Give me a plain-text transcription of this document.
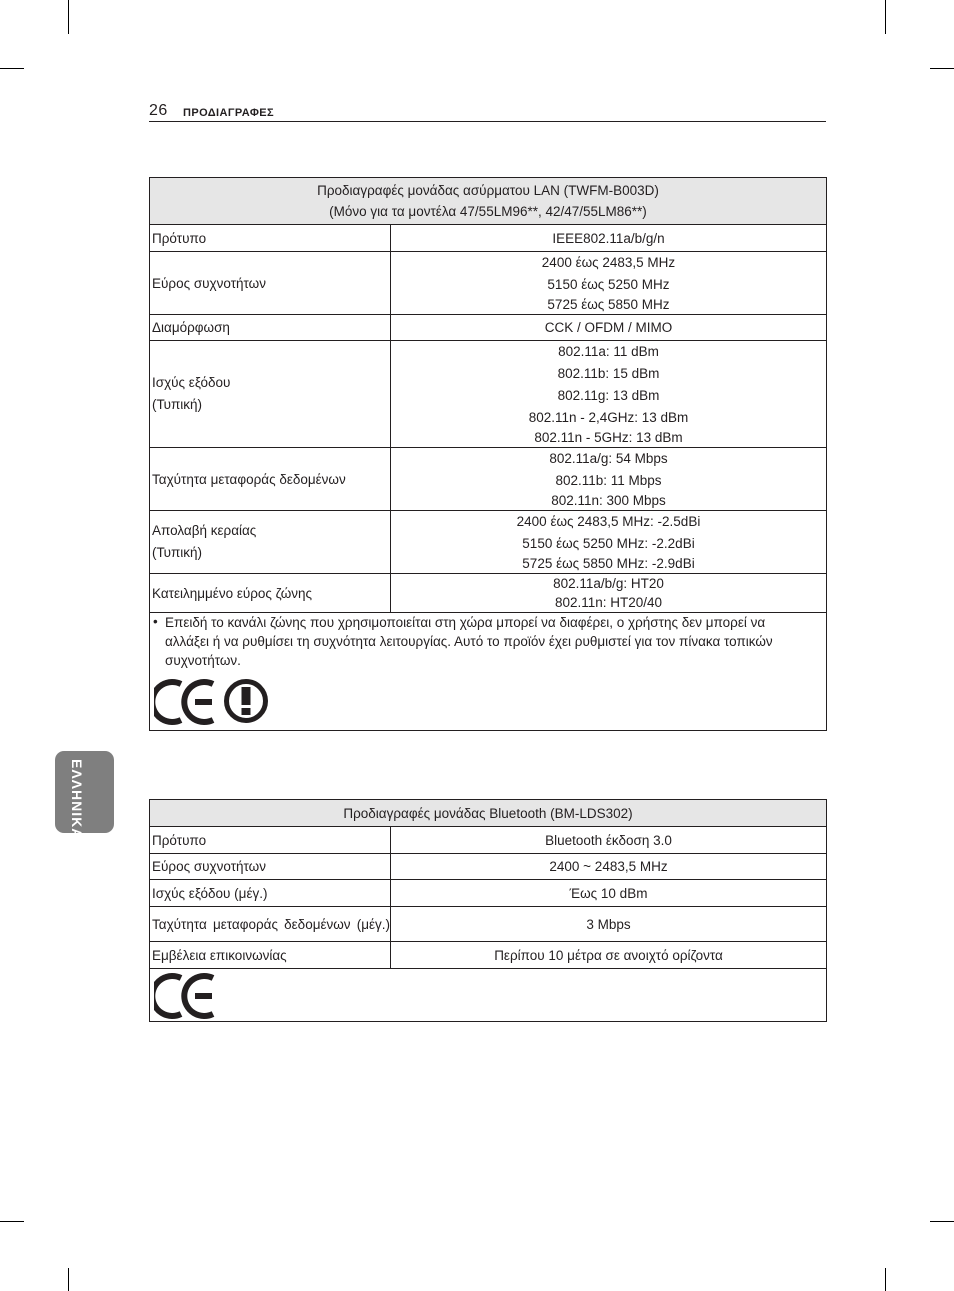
26 ΠΡΟΔΙΑΓΡΑΦΕΣ
ΕΛΛΗΝΙΚΑ
Προδιαγραφές μονάδας ασύρματου LAN (TWFM-B003D)
(Μόνο για τα μοντέλα 47/55LM96**, 42/47/55LM86**)	

Πρότυπο	IEEE802.11a/b/g/n
Εύρος συχνοτήτων	2400 έως 2483,5 MHz
5150 έως 5250 MHz
5725 έως 5850 MHz

Διαμόρφωση	CCK / OFDM / MIMO

Ισχύς εξόδου
(Τυπική)	802.11a: 11 dBm
802.11b: 15 dBm
802.11g: 13 dBm
802.11n - 2,4GHz: 13 dBm
802.11n - 5GHz: 13 dBm

Ταχύτητα μεταφοράς δεδομένων	802.11a/g: 54 Mbps
802.11b: 11 Mbps
802.11n: 300 Mbps

Απολαβή κεραίας
(Τυπική)	2400 έως 2483,5 MHz: -2.5dBi
5150 έως 5250 MHz: -2.2dBi
5725 έως 5850 MHz: -2.9dBi

Κατειλημμένο εύρος ζώνης	802.11a/b/g: HT20
802.11n: HT20/40

• Επειδή το κανάλι ζώνης που χρησιμοποιείται στη χώρα μπορεί να διαφέρει, ο χρήστης δεν μπορεί να αλλάξει ή να ρυθμίσει τη συχνότητα λειτουργίας. Αυτό το προϊόν έχει ρυθμιστεί για τον πίνακα τοπικών συχνοτήτων.	
Προδιαγραφές μονάδας Bluetooth (BM-LDS302)	
Πρότυπο	Bluetooth έκδοση 3.0
Εύρος συχνοτήτων	2400 ~ 2483,5 MHz
Ισχύς εξόδου (μέγ.)	Έως 10 dBm
Ταχύτητα μεταφοράς δεδομένων (μέγ.)	3 Mbps
Εμβέλεια επικοινωνίας	Περίπου 10 μέτρα σε ανοιχτό ορίζοντα
